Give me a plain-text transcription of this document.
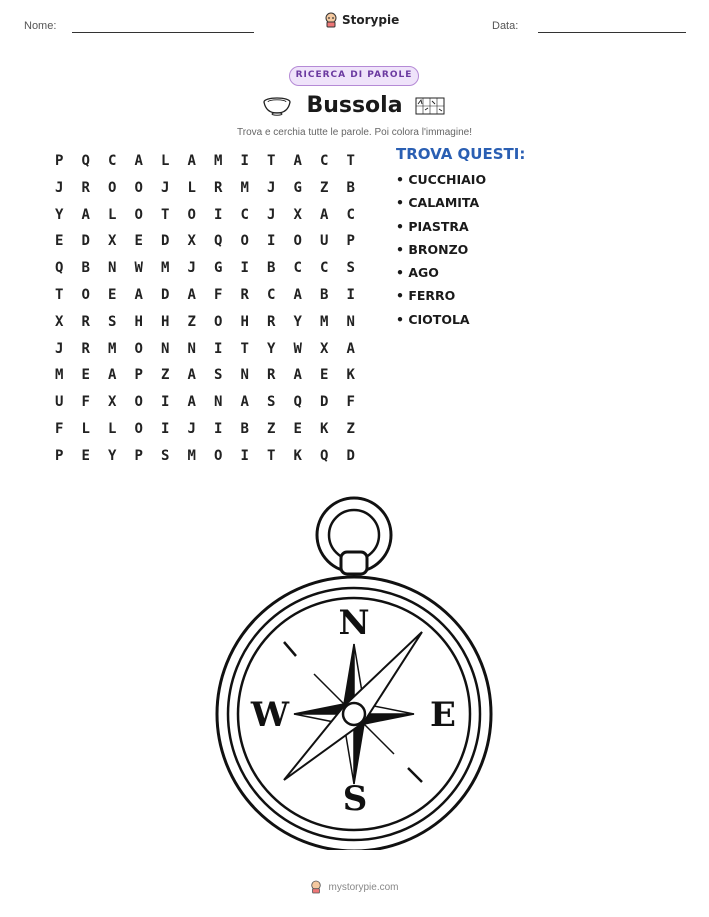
Nome:	Storypie	Data:
RICERCA DI PAROLE
Bussola
Trova e cerchia tutte le parole. Poi colora l'immagine!
P	Q	C	A	L	A	M	I	T	A	C	T
J	R	O	O	J	L	R	M	J	G	Z	B
Y	A	L	O	T	O	I	C	J	X	A	C
E	D	X	E	D	X	Q	O	I	O	U	P
Q	B	N	W	M	J	G	I	B	C	C	S
T	O	E	A	D	A	F	R	C	A	B	I
X	R	S	H	H	Z	O	H	R	Y	M	N
J	R	M	O	N	N	I	T	Y	W	X	A
M	E	A	P	Z	A	S	N	R	A	E	K
U	F	X	O	I	A	N	A	S	Q	D	F
F	L	L	O	I	J	I	B	Z	E	K	Z
P	E	Y	P	S	M	O	I	T	K	Q	D
TROVA QUESTI:
• CUCCHIAIO
• CALAMITA
• PIASTRA
• BRONZO
• AGO
• FERRO
• CIOTOLA
N
S
E
W
mystorypie.com
